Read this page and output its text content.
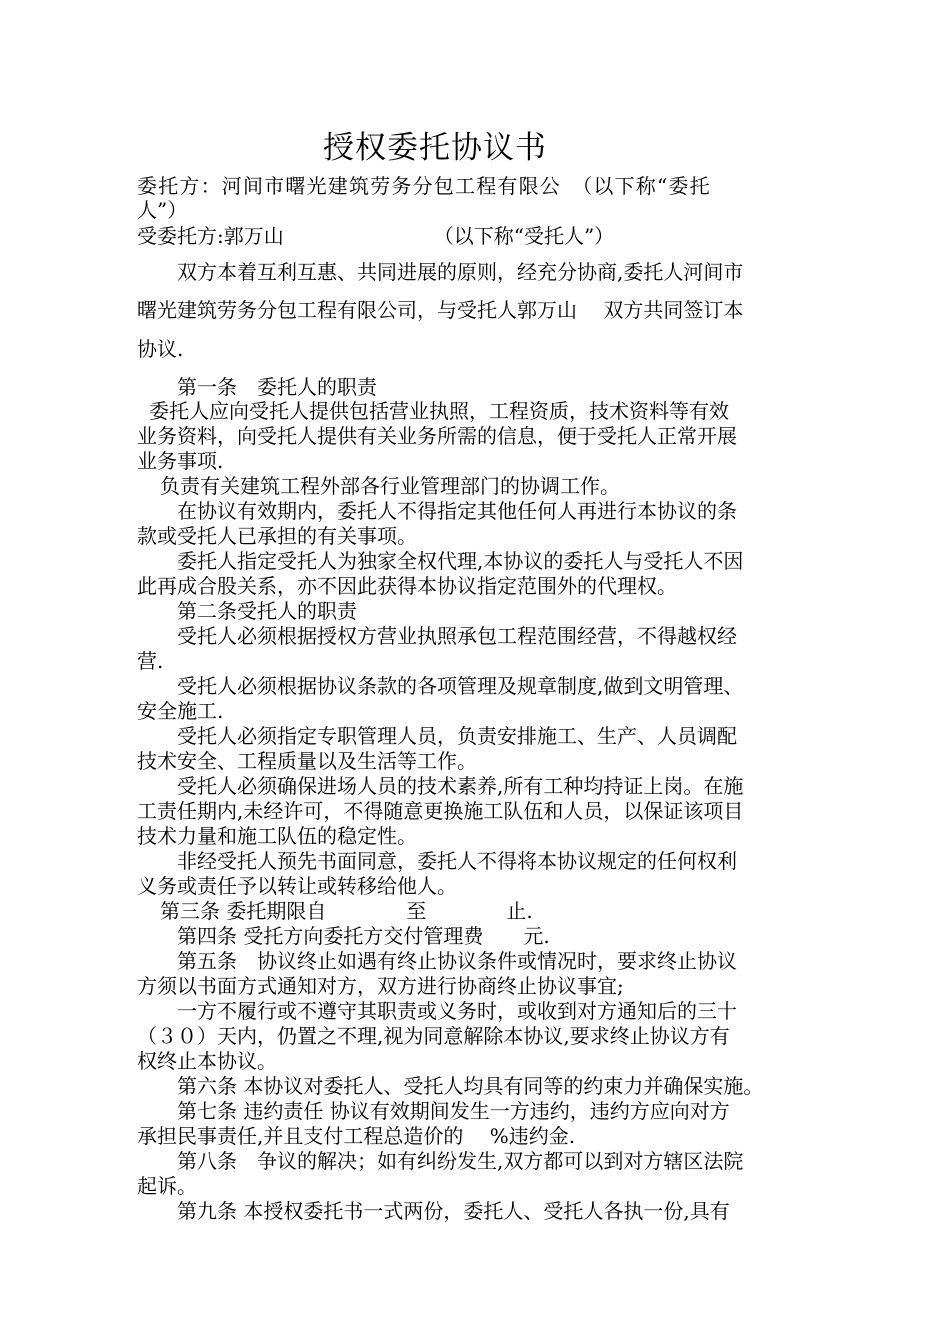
授权委托协议书
委托方：河间市曙光建筑劳务分包工程有限公　（以下称“委托
人”）
受委托方:郭万山　　　　　　　　（以下称“受托人”）
　　双方本着互利互惠、共同进展的原则，经充分协商,委托人河间市
曙光建筑劳务分包工程有限公司，与受托人郭万山　 双方共同签订本
协议.
　　第一条　委托人的职责
委托人应向受托人提供包括营业执照，工程资质，技术资料等有效
业务资料，向受托人提供有关业务所需的信息，便于受托人正常开展
业务事项.
负责有关建筑工程外部各行业管理部门的协调工作。
　　在协议有效期内，委托人不得指定其他任何人再进行本协议的条
款或受托人已承担的有关事项。
　　委托人指定受托人为独家全权代理,本协议的委托人与受托人不因
此再成合股关系，亦不因此获得本协议指定范围外的代理权。
　　第二条受托人的职责
　　受托人必须根据授权方营业执照承包工程范围经营，不得越权经
营.
　　受托人必须根据协议条款的各项管理及规章制度,做到文明管理、
安全施工.
　　受托人必须指定专职管理人员，负责安排施工、生产、人员调配
技术安全、工程质量以及生活等工作。
　　受托人必须确保进场人员的技术素养,所有工种均持证上岗。在施
工责任期内,未经许可，不得随意更换施工队伍和人员，以保证该项目
技术力量和施工队伍的稳定性。
　　非经受托人预先书面同意，委托人不得将本协议规定的任何权利
义务或责任予以转让或转移给他人。
第三条 委托期限自　　　　至　　　　止.
　　第四条 受托方向委托方交付管理费　　元.
　　第五条　协议终止如遇有终止协议条件或情况时，要求终止协议
方须以书面方式通知对方，双方进行协商终止协议事宜;
　　一方不履行或不遵守其职责或义务时，或收到对方通知后的三十
（３０）天内，仍置之不理,视为同意解除本协议,要求终止协议方有
权终止本协议。
　　第六条 本协议对委托人、受托人均具有同等的约束力并确保实施。
　　第七条 违约责任 协议有效期间发生一方违约，违约方应向对方
承担民事责任,并且支付工程总造价的　 %违约金.
　　第八条　争议的解决；如有纠纷发生,双方都可以到对方辖区法院
起诉。
　　第九条 本授权委托书一式两份，委托人、受托人各执一份,具有
